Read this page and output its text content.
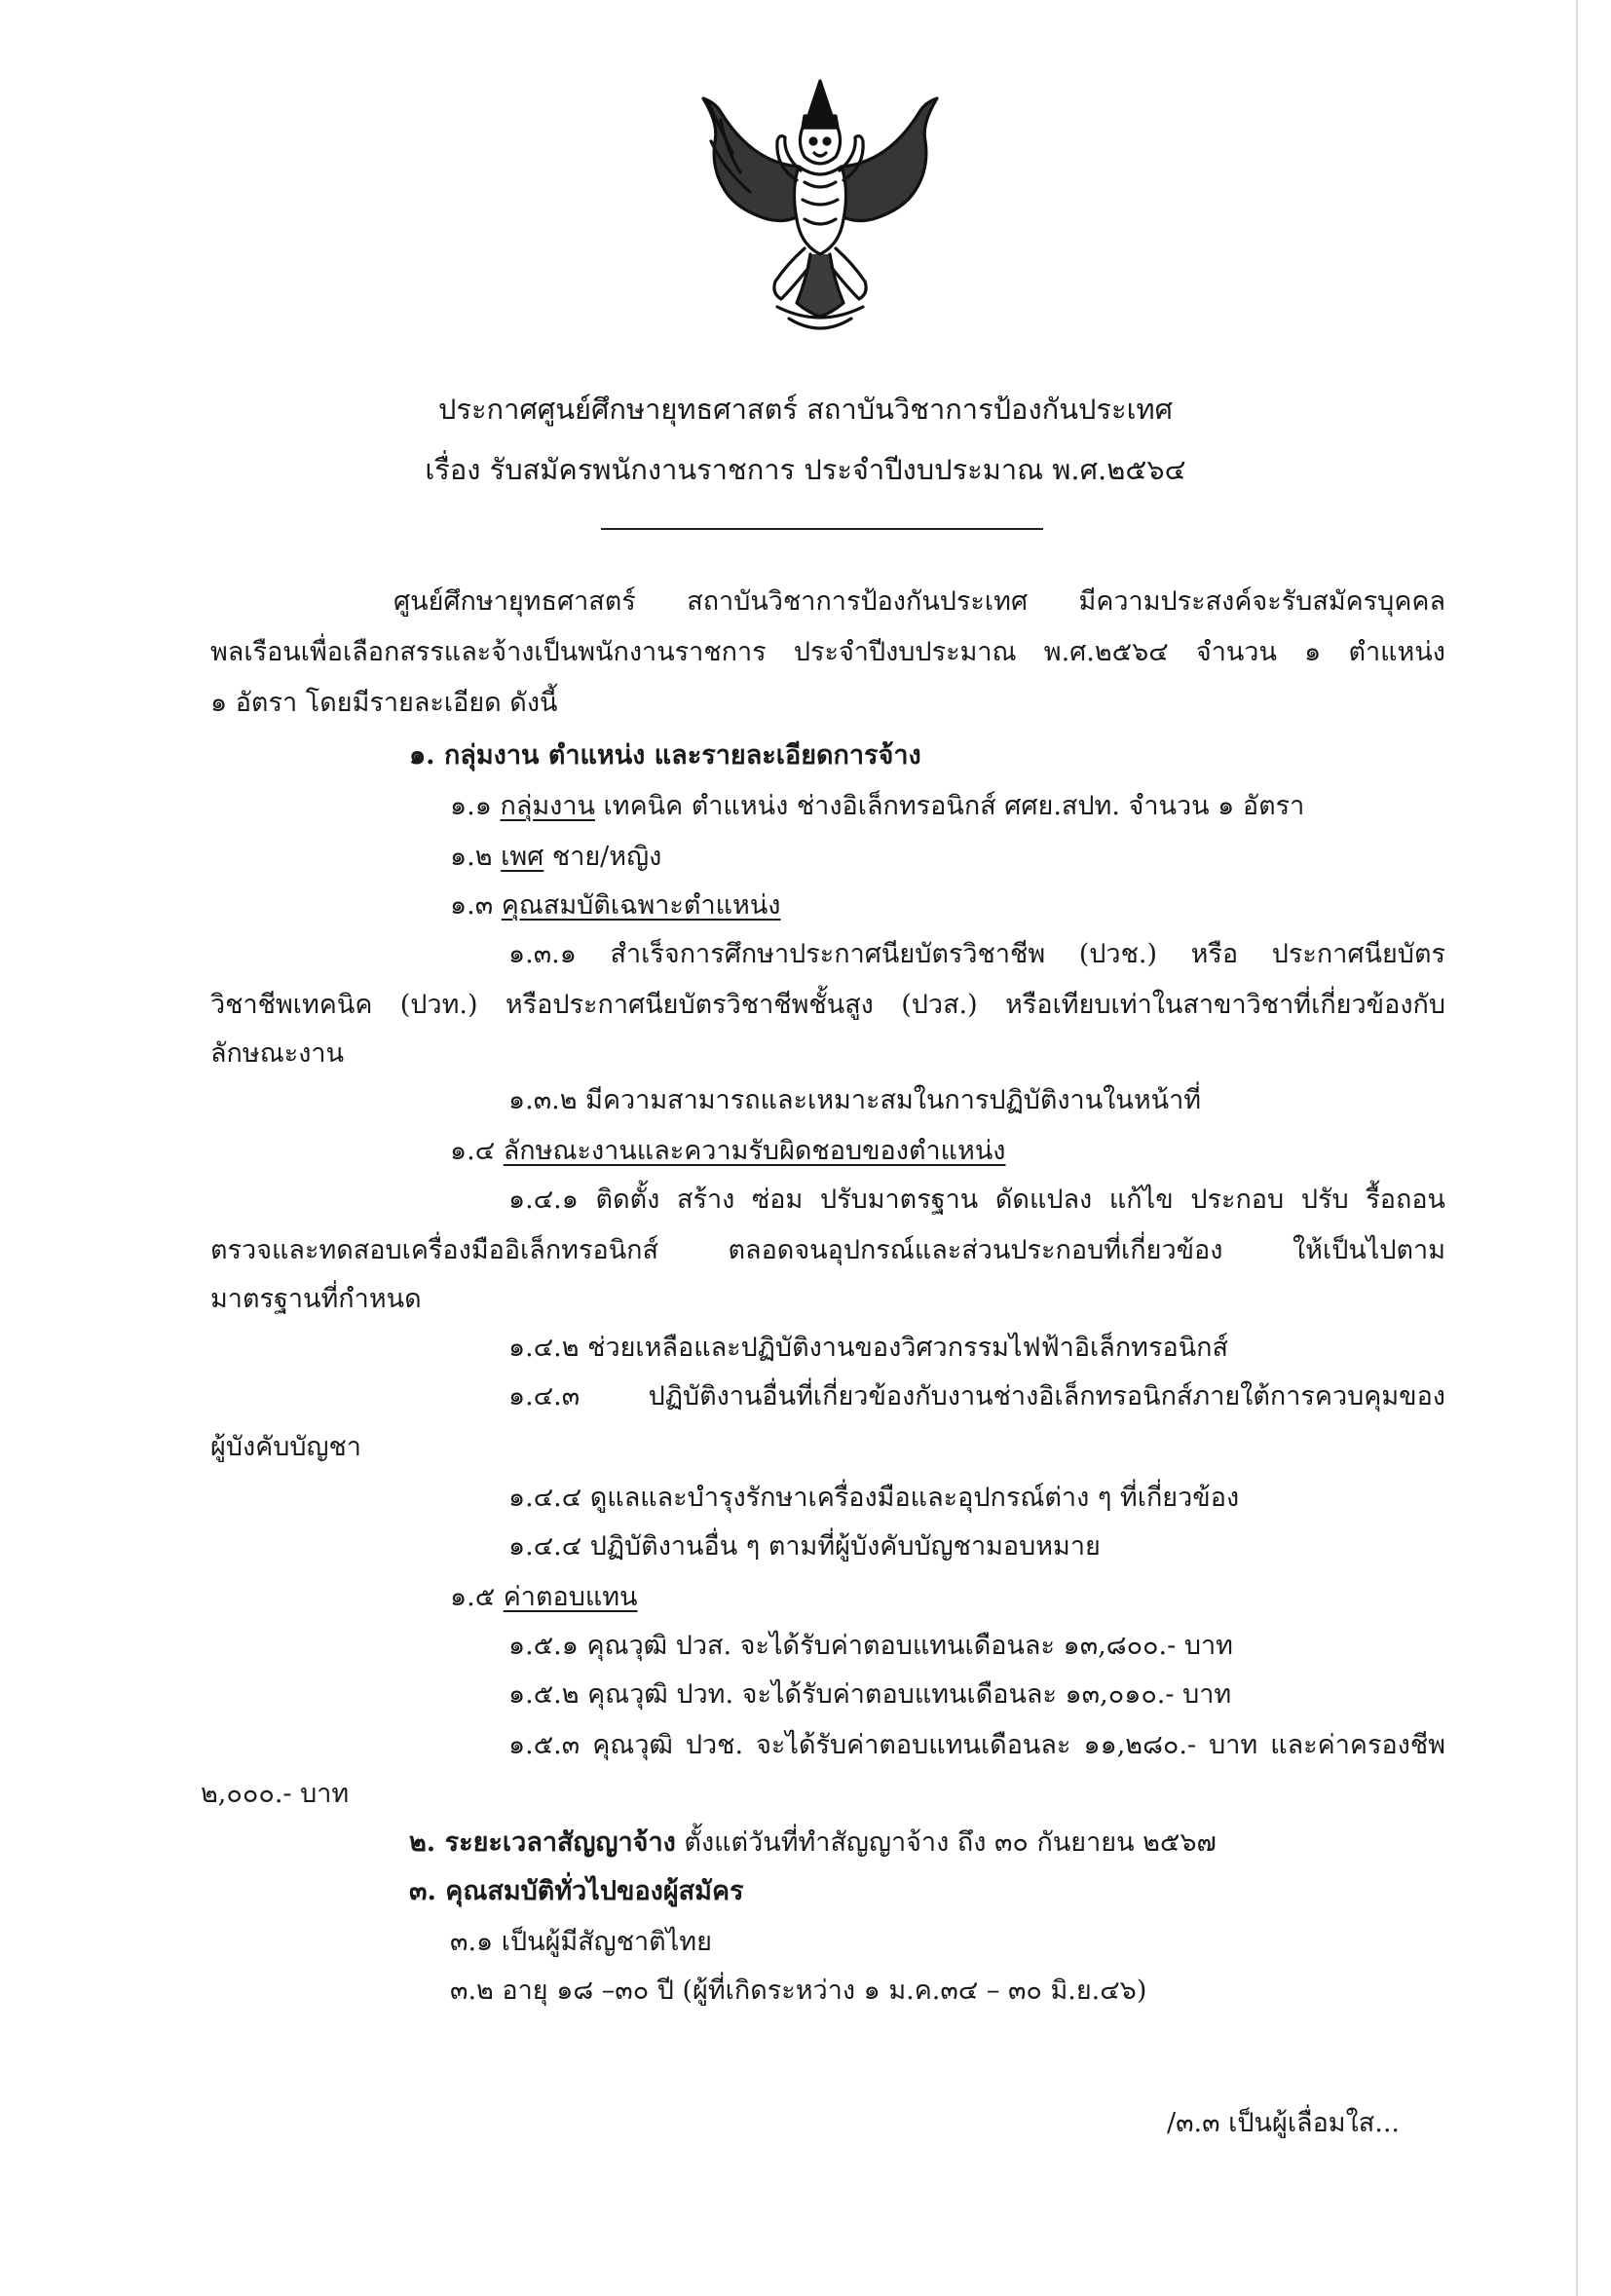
ประกาศศูนย์ศึกษายุทธศาสตร์ สถาบันวิชาการป้องกันประเทศ
เรื่อง รับสมัครพนักงานราชการ ประจำปีงบประมาณ พ.ศ.๒๕๖๔
ศูนย์ศึกษายุทธศาสตร์ สถาบันวิชาการป้องกันประเทศ มีความประสงค์จะรับสมัครบุคคล
พลเรือนเพื่อเลือกสรรและจ้างเป็นพนักงานราชการ ประจำปีงบประมาณ พ.ศ.๒๕๖๔ จำนวน ๑ ตำแหน่ง
๑ อัตรา โดยมีรายละเอียด ดังนี้
๑. กลุ่มงาน ตำแหน่ง และรายละเอียดการจ้าง
๑.๑ กลุ่มงาน เทคนิค ตำแหน่ง ช่างอิเล็กทรอนิกส์ ศศย.สปท. จำนวน ๑ อัตรา
๑.๒ เพศ ชาย/หญิง
๑.๓ คุณสมบัติเฉพาะตำแหน่ง
๑.๓.๑ สำเร็จการศึกษาประกาศนียบัตรวิชาชีพ (ปวช.) หรือ ประกาศนียบัตร
วิชาชีพเทคนิค (ปวท.) หรือประกาศนียบัตรวิชาชีพชั้นสูง (ปวส.) หรือเทียบเท่าในสาขาวิชาที่เกี่ยวข้องกับ
ลักษณะงาน
๑.๓.๒ มีความสามารถและเหมาะสมในการปฏิบัติงานในหน้าที่
๑.๔ ลักษณะงานและความรับผิดชอบของตำแหน่ง
๑.๔.๑ ติดตั้ง สร้าง ซ่อม ปรับมาตรฐาน ดัดแปลง แก้ไข ประกอบ ปรับ รื้อถอน
ตรวจและทดสอบเครื่องมืออิเล็กทรอนิกส์ ตลอดจนอุปกรณ์และส่วนประกอบที่เกี่ยวข้อง ให้เป็นไปตาม
มาตรฐานที่กำหนด
๑.๔.๒ ช่วยเหลือและปฏิบัติงานของวิศวกรรมไฟฟ้าอิเล็กทรอนิกส์
๑.๔.๓ ปฏิบัติงานอื่นที่เกี่ยวข้องกับงานช่างอิเล็กทรอนิกส์ภายใต้การควบคุมของ
ผู้บังคับบัญชา
๑.๔.๔ ดูแลและบำรุงรักษาเครื่องมือและอุปกรณ์ต่าง ๆ ที่เกี่ยวข้อง
๑.๔.๔ ปฏิบัติงานอื่น ๆ ตามที่ผู้บังคับบัญชามอบหมาย
๑.๕ ค่าตอบแทน
๑.๕.๑ คุณวุฒิ ปวส. จะได้รับค่าตอบแทนเดือนละ ๑๓,๘๐๐.- บาท
๑.๕.๒ คุณวุฒิ ปวท. จะได้รับค่าตอบแทนเดือนละ ๑๓,๐๑๐.- บาท
๑.๕.๓ คุณวุฒิ ปวช. จะได้รับค่าตอบแทนเดือนละ ๑๑,๒๘๐.- บาท และค่าครองชีพ
๒,๐๐๐.- บาท
๒. ระยะเวลาสัญญาจ้าง ตั้งแต่วันที่ทำสัญญาจ้าง ถึง ๓๐ กันยายน ๒๕๖๗
๓. คุณสมบัติทั่วไปของผู้สมัคร
๓.๑ เป็นผู้มีสัญชาติไทย
๓.๒ อายุ ๑๘ –๓๐ ปี (ผู้ที่เกิดระหว่าง ๑ ม.ค.๓๔ – ๓๐ มิ.ย.๔๖)
/๓.๓ เป็นผู้เลื่อมใส...
